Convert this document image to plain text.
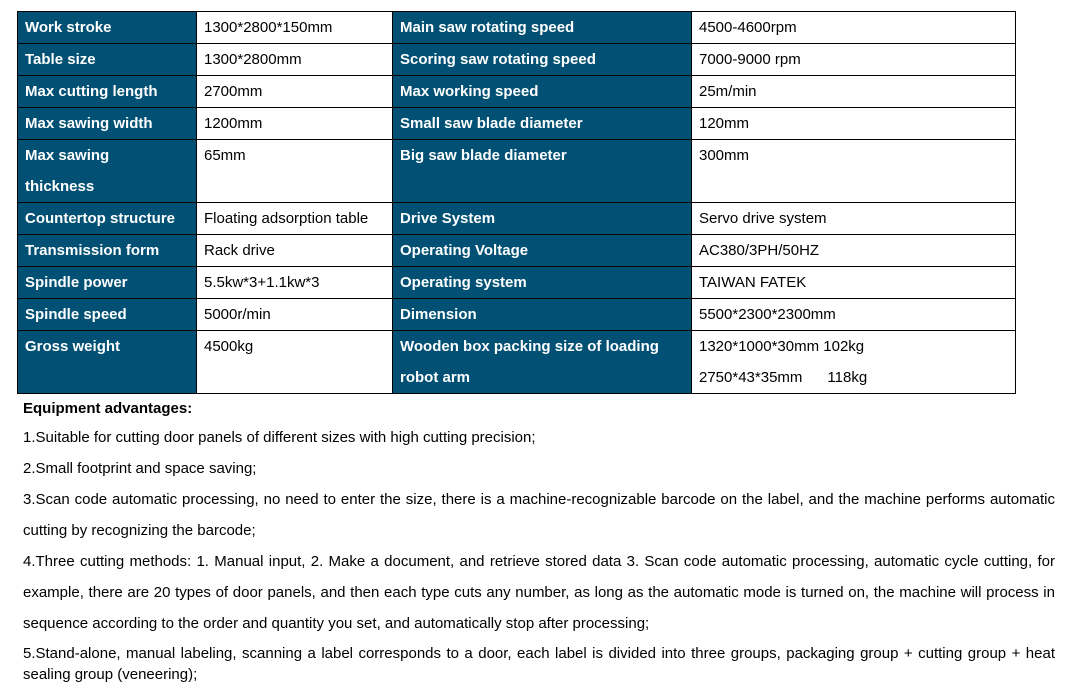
Work stroke	1300*2800*150mm	Main saw rotating speed	4500-4600rpm
Table size	1300*2800mm	Scoring saw rotating speed	7000-9000 rpm
Max cutting length	2700mm	Max working speed	25m/min
Max sawing width	1200mm	Small saw blade diameter	120mm
Max sawing
thickness	65mm	Big saw blade diameter	300mm
Countertop structure	Floating adsorption table	Drive System	Servo drive system
Transmission form	Rack drive	Operating Voltage	AC380/3PH/50HZ
Spindle power	5.5kw*3+1.1kw*3	Operating system	TAIWAN FATEK
Spindle speed	5000r/min	Dimension	5500*2300*2300mm
Gross weight	4500kg	Wooden box packing size of loading
robot arm	1320*1000*30mm 102kg
2750*43*35mm      118kg
Equipment advantages:

1.Suitable for cutting door panels of different sizes with high cutting precision;

2.Small footprint and space saving;

3.Scan code automatic processing, no need to enter the size, there is a machine-recognizable barcode on the label, and the machine performs automatic cutting by recognizing the barcode;

4.Three cutting methods: 1. Manual input, 2. Make a document, and retrieve stored data 3. Scan code automatic processing, automatic cycle cutting, for example, there are 20 types of door panels, and then each type cuts any number, as long as the automatic mode is turned on, the machine will process in sequence according to the order and quantity you set, and automatically stop after processing;

5.Stand-alone, manual labeling, scanning a label corresponds to a door, each label is divided into three groups, packaging group + cutting group + heat sealing group (veneering);
